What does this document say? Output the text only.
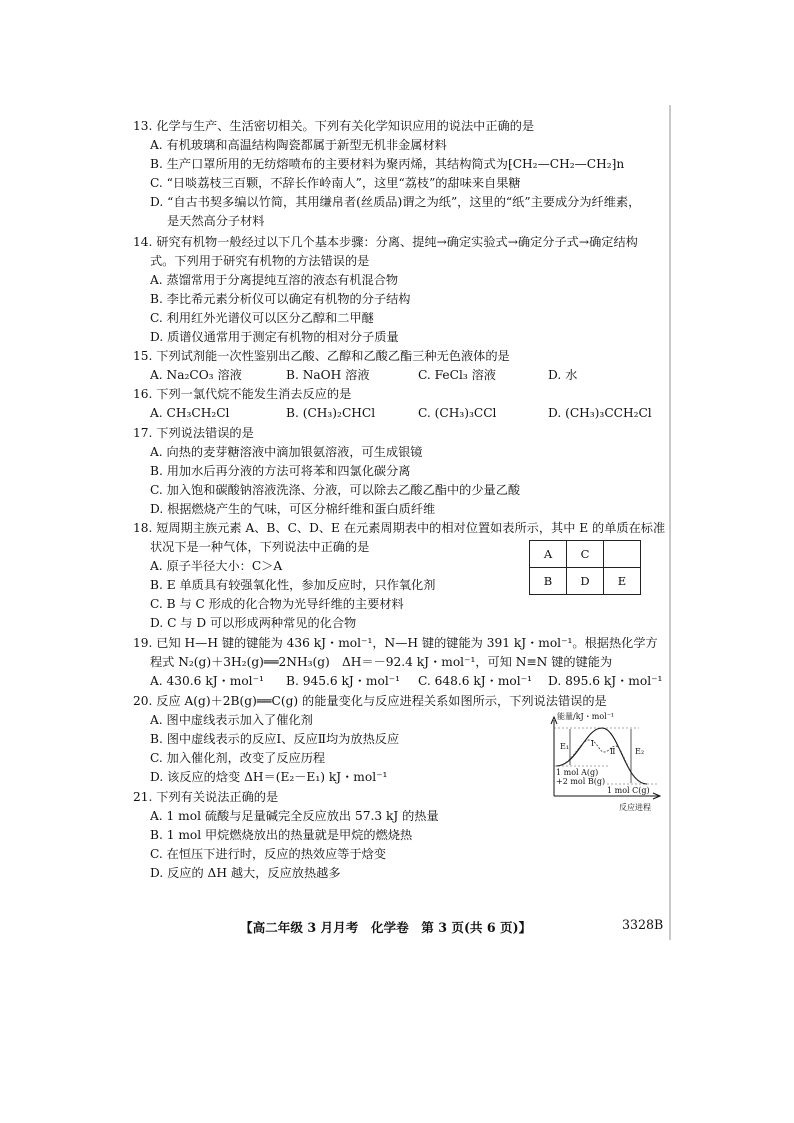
13. 化学与生产、生活密切相关。下列有关化学知识应用的说法中正确的是
A. 有机玻璃和高温结构陶瓷都属于新型无机非金属材料
B. 生产口罩所用的无纺熔喷布的主要材料为聚丙烯，其结构简式为⁅CH₂—CH₂—CH₂⁆n
C. “日啖荔枝三百颗，不辞长作岭南人”，这里“荔枝”的甜味来自果糖
D. “自古书契多编以竹简，其用缣帛者(丝质品)谓之为纸”，这里的“纸”主要成分为纤维素，
是天然高分子材料
14. 研究有机物一般经过以下几个基本步骤：分离、提纯→确定实验式→确定分子式→确定结构
式。下列用于研究有机物的方法错误的是
A. 蒸馏常用于分离提纯互溶的液态有机混合物
B. 李比希元素分析仪可以确定有机物的分子结构
C. 利用红外光谱仪可以区分乙醇和二甲醚
D. 质谱仪通常用于测定有机物的相对分子质量
15. 下列试剂能一次性鉴别出乙酸、乙醇和乙酸乙酯三种无色液体的是
A. Na₂CO₃ 溶液	B. NaOH 溶液	C. FeCl₃ 溶液	D. 水
16. 下列一氯代烷不能发生消去反应的是
A. CH₃CH₂Cl	B. (CH₃)₂CHCl	C. (CH₃)₃CCl	D. (CH₃)₃CCH₂Cl
17. 下列说法错误的是
A. 向热的麦芽糖溶液中滴加银氨溶液，可生成银镜
B. 用加水后再分液的方法可将苯和四氯化碳分离
C. 加入饱和碳酸钠溶液洗涤、分液，可以除去乙酸乙酯中的少量乙酸
D. 根据燃烧产生的气味，可区分棉纤维和蛋白质纤维
18. 短周期主族元素 A、B、C、D、E 在元素周期表中的相对位置如表所示，其中 E 的单质在标准
状况下是一种气体，下列说法中正确的是
A. 原子半径大小：C＞A
B. E 单质具有较强氧化性，参加反应时，只作氧化剂
C. B 与 C 形成的化合物为光导纤维的主要材料
D. C 与 D 可以形成两种常见的化合物
A	C	
B	D	E
19. 已知 H—H 键的键能为 436 kJ・mol⁻¹，N—H 键的键能为 391 kJ・mol⁻¹。根据热化学方
程式 N₂(g)＋3H₂(g)══2NH₃(g)　ΔH＝－92.4 kJ・mol⁻¹，可知 N≡N 键的键能为
A. 430.6 kJ・mol⁻¹ B. 945.6 kJ・mol⁻¹ C. 648.6 kJ・mol⁻¹ D. 895.6 kJ・mol⁻¹
20. 反应 A(g)＋2B(g)══C(g) 的能量变化与反应进程关系如图所示，下列说法错误的是
A. 图中虚线表示加入了催化剂
B. 图中虚线表示的反应Ⅰ、反应Ⅱ均为放热反应
C. 加入催化剂，改变了反应历程
D. 该反应的焓变 ΔH＝(E₂－E₁) kJ・mol⁻¹
能量/kJ・mol⁻¹
E₁
E₂
Ⅰ
Ⅱ
1 mol A(g)
+2 mol B(g)
1 mol C(g)
反应进程
21. 下列有关说法正确的是
A. 1 mol 硫酸与足量碱完全反应放出 57.3 kJ 的热量
B. 1 mol 甲烷燃烧放出的热量就是甲烷的燃烧热
C. 在恒压下进行时，反应的热效应等于焓变
D. 反应的 ΔH 越大，反应放热越多
【高二年级 3 月月考　化学卷　第 3 页(共 6 页)】	3328B
